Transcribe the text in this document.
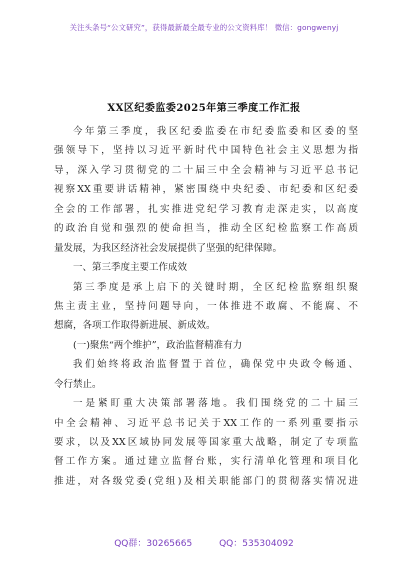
关注头条号“公文研究”，获得最新最全最专业的公文资料库！ 微信：gongwenyj
XX区纪委监委2025年第三季度工作汇报
今年第三季度，我区纪委监委在市纪委监委和区委的坚
强领导下，坚持以习近平新时代中国特色社会主义思想为指
导，深入学习贯彻党的二十届三中全会精神与习近平总书记
视察XX重要讲话精神，紧密围绕中央纪委、市纪委和区纪委
全会的工作部署，扎实推进党纪学习教育走深走实，以高度
的政治自觉和强烈的使命担当，推动全区纪检监察工作高质
量发展，为我区经济社会发展提供了坚强的纪律保障。
一、第三季度主要工作成效
第三季度是承上启下的关键时期，全区纪检监察组织聚
焦主责主业，坚持问题导向，一体推进不敢腐、不能腐、不
想腐，各项工作取得新进展、新成效。
(一)聚焦“两个维护”，政治监督精准有力
我们始终将政治监督置于首位，确保党中央政令畅通、
令行禁止。
一是紧盯重大决策部署落地。我们围绕党的二十届三
中全会精神、习近平总书记关于XX工作的一系列重要指示
要求，以及XX区域协同发展等国家重大战略，制定了专项监
督工作方案。通过建立监督台账，实行清单化管理和项目化
推进，对各级党委(党组)及相关职能部门的贯彻落实情况进
QQ群：30265665	QQ：535304092
